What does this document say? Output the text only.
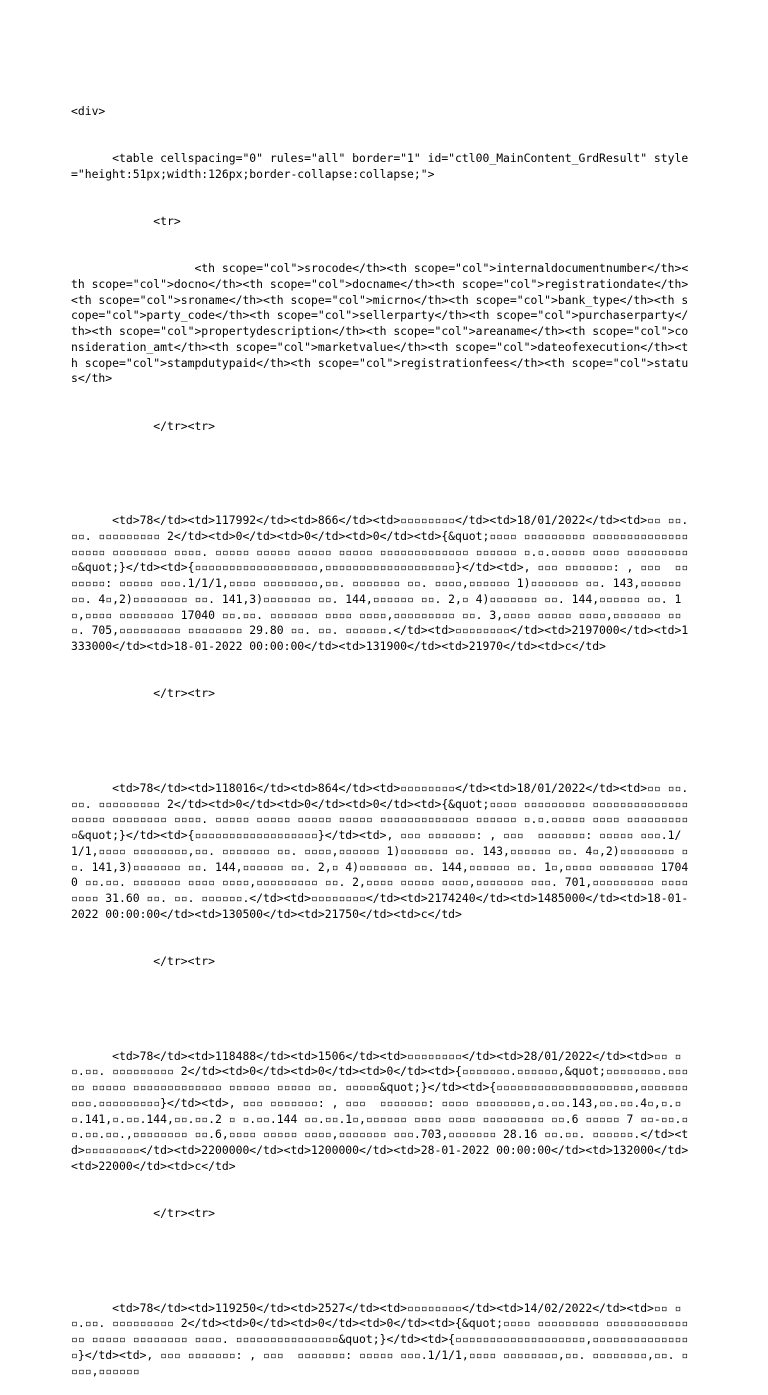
<div>

<table cellspacing="0" rules="all" border="1" id="ctl00_MainContent_GrdResult" style="height:51px;width:126px;border-collapse:collapse;">

<tr>

<th scope="col">srocode</th><th scope="col">internaldocumentnumber</th><th scope="col">docno</th><th scope="col">docname</th><th scope="col">registrationdate</th><th scope="col">sroname</th><th scope="col">micrno</th><th scope="col">bank_type</th><th scope="col">party_code</th><th scope="col">sellerparty</th><th scope="col">purchaserparty</th><th scope="col">propertydescription</th><th scope="col">areaname</th><th scope="col">consideration_amt</th><th scope="col">marketvalue</th><th scope="col">dateofexecution</th><th scope="col">stampdutypaid</th><th scope="col">registrationfees</th><th scope="col">status</th>

</tr><tr>

<td>78</td><td>117992</td><td>866</td><td>▫▫▫▫▫▫▫▫</td><td>18/01/2022</td><td>▫▫ ▫▫.▫▫. ▫▫▫▫▫▫▫▫▫ 2</td><td>0</td><td>0</td><td>0</td><td>{&quot;▫▫▫▫ ▫▫▫▫▫▫▫▫▫ ▫▫▫▫▫▫▫▫▫▫▫▫▫▫ ▫▫▫▫▫ ▫▫▫▫▫▫▫▫ ▫▫▫▫. ▫▫▫▫▫ ▫▫▫▫▫ ▫▫▫▫▫ ▫▫▫▫▫ ▫▫▫▫▫▫▫▫▫▫▫▫▫ ▫▫▫▫▫▫ ▫.▫.▫▫▫▫▫ ▫▫▫▫ ▫▫▫▫▫▫▫▫▫▫&quot;}</td><td>{▫▫▫▫▫▫▫▫▫▫▫▫▫▫▫▫▫▫,▫▫▫▫▫▫▫▫▫▫▫▫▫▫▫▫▫▫▫}</td><td>, ▫▫▫ ▫▫▫▫▫▫▫: , ▫▫▫  ▫▫▫▫▫▫▫: ▫▫▫▫▫ ▫▫▫.1/1/1,▫▫▫▫ ▫▫▫▫▫▫▫▫,▫▫. ▫▫▫▫▫▫▫ ▫▫. ▫▫▫▫,▫▫▫▫▫▫ 1)▫▫▫▫▫▫▫ ▫▫. 143,▫▫▫▫▫▫ ▫▫. 4▫,2)▫▫▫▫▫▫▫▫ ▫▫. 141,3)▫▫▫▫▫▫▫ ▫▫. 144,▫▫▫▫▫▫ ▫▫. 2,▫ 4)▫▫▫▫▫▫▫ ▫▫. 144,▫▫▫▫▫▫ ▫▫. 1▫,▫▫▫▫ ▫▫▫▫▫▫▫▫ 17040 ▫▫.▫▫. ▫▫▫▫▫▫▫ ▫▫▫▫ ▫▫▫▫,▫▫▫▫▫▫▫▫▫ ▫▫. 3,▫▫▫▫ ▫▫▫▫▫ ▫▫▫▫,▫▫▫▫▫▫▫ ▫▫▫. 705,▫▫▫▫▫▫▫▫▫ ▫▫▫▫▫▫▫▫ 29.80 ▫▫. ▫▫. ▫▫▫▫▫▫.</td><td>▫▫▫▫▫▫▫▫</td><td>2197000</td><td>1333000</td><td>18-01-2022 00:00:00</td><td>131900</td><td>21970</td><td>c</td>

</tr><tr>

<td>78</td><td>118016</td><td>864</td><td>▫▫▫▫▫▫▫▫</td><td>18/01/2022</td><td>▫▫ ▫▫.▫▫. ▫▫▫▫▫▫▫▫▫ 2</td><td>0</td><td>0</td><td>0</td><td>{&quot;▫▫▫▫ ▫▫▫▫▫▫▫▫▫ ▫▫▫▫▫▫▫▫▫▫▫▫▫▫ ▫▫▫▫▫ ▫▫▫▫▫▫▫▫ ▫▫▫▫. ▫▫▫▫▫ ▫▫▫▫▫ ▫▫▫▫▫ ▫▫▫▫▫ ▫▫▫▫▫▫▫▫▫▫▫▫▫ ▫▫▫▫▫▫ ▫.▫.▫▫▫▫▫ ▫▫▫▫ ▫▫▫▫▫▫▫▫▫▫&quot;}</td><td>{▫▫▫▫▫▫▫▫▫▫▫▫▫▫▫▫▫▫}</td><td>, ▫▫▫ ▫▫▫▫▫▫▫: , ▫▫▫  ▫▫▫▫▫▫▫: ▫▫▫▫▫ ▫▫▫.1/1/1,▫▫▫▫ ▫▫▫▫▫▫▫▫,▫▫. ▫▫▫▫▫▫▫ ▫▫. ▫▫▫▫,▫▫▫▫▫▫ 1)▫▫▫▫▫▫▫ ▫▫. 143,▫▫▫▫▫▫ ▫▫. 4▫,2)▫▫▫▫▫▫▫▫ ▫▫. 141,3)▫▫▫▫▫▫▫ ▫▫. 144,▫▫▫▫▫▫ ▫▫. 2,▫ 4)▫▫▫▫▫▫▫ ▫▫. 144,▫▫▫▫▫▫ ▫▫. 1▫,▫▫▫▫ ▫▫▫▫▫▫▫▫ 17040 ▫▫.▫▫. ▫▫▫▫▫▫▫ ▫▫▫▫ ▫▫▫▫,▫▫▫▫▫▫▫▫▫ ▫▫. 2,▫▫▫▫ ▫▫▫▫▫ ▫▫▫▫,▫▫▫▫▫▫▫ ▫▫▫. 701,▫▫▫▫▫▫▫▫▫ ▫▫▫▫▫▫▫▫ 31.60 ▫▫. ▫▫. ▫▫▫▫▫▫.</td><td>▫▫▫▫▫▫▫▫</td><td>2174240</td><td>1485000</td><td>18-01-2022 00:00:00</td><td>130500</td><td>21750</td><td>c</td>

</tr><tr>

<td>78</td><td>118488</td><td>1506</td><td>▫▫▫▫▫▫▫▫</td><td>28/01/2022</td><td>▫▫ ▫▫.▫▫. ▫▫▫▫▫▫▫▫▫ 2</td><td>0</td><td>0</td><td>0</td><td>{▫▫▫▫▫▫▫.▫▫▫▫▫▫,&quot;▫▫▫▫▫▫▫▫.▫▫▫▫▫ ▫▫▫▫▫ ▫▫▫▫▫▫▫▫▫▫▫▫▫ ▫▫▫▫▫▫ ▫▫▫▫▫ ▫▫. ▫▫▫▫▫&quot;}</td><td>{▫▫▫▫▫▫▫▫▫▫▫▫▫▫▫▫▫▫▫▫,▫▫▫▫▫▫▫▫▫▫.▫▫▫▫▫▫▫▫▫}</td><td>, ▫▫▫ ▫▫▫▫▫▫▫: , ▫▫▫  ▫▫▫▫▫▫▫: ▫▫▫▫ ▫▫▫▫▫▫▫▫,▫.▫▫.143,▫▫.▫▫.4▫,▫.▫▫.141,▫.▫▫.144,▫▫.▫▫.2 ▫ ▫.▫▫.144 ▫▫.▫▫.1▫,▫▫▫▫▫▫ ▫▫▫▫ ▫▫▫▫ ▫▫▫▫▫▫▫▫▫ ▫▫.6 ▫▫▫▫▫ 7 ▫▫-▫▫.▫▫.▫▫.▫▫.,▫▫▫▫▫▫▫▫ ▫▫.6,▫▫▫▫ ▫▫▫▫▫ ▫▫▫▫,▫▫▫▫▫▫▫ ▫▫▫.703,▫▫▫▫▫▫▫ 28.16 ▫▫.▫▫. ▫▫▫▫▫▫.</td><td>▫▫▫▫▫▫▫▫</td><td>2200000</td><td>1200000</td><td>28-01-2022 00:00:00</td><td>132000</td><td>22000</td><td>c</td>

</tr><tr>

<td>78</td><td>119250</td><td>2527</td><td>▫▫▫▫▫▫▫▫</td><td>14/02/2022</td><td>▫▫ ▫▫.▫▫. ▫▫▫▫▫▫▫▫▫ 2</td><td>0</td><td>0</td><td>0</td><td>{&quot;▫▫▫▫ ▫▫▫▫▫▫▫▫▫ ▫▫▫▫▫▫▫▫▫▫▫▫▫▫ ▫▫▫▫▫ ▫▫▫▫▫▫▫▫ ▫▫▫▫. ▫▫▫▫▫▫▫▫▫▫▫▫▫▫▫&quot;}</td><td>{▫▫▫▫▫▫▫▫▫▫▫▫▫▫▫▫▫▫▫,▫▫▫▫▫▫▫▫▫▫▫▫▫▫▫}</td><td>, ▫▫▫ ▫▫▫▫▫▫▫: , ▫▫▫  ▫▫▫▫▫▫▫: ▫▫▫▫▫ ▫▫▫.1/1/1,▫▫▫▫ ▫▫▫▫▫▫▫▫,▫▫. ▫▫▫▫▫▫▫▫,▫▫. ▫▫▫▫,▫▫▫▫▫▫
